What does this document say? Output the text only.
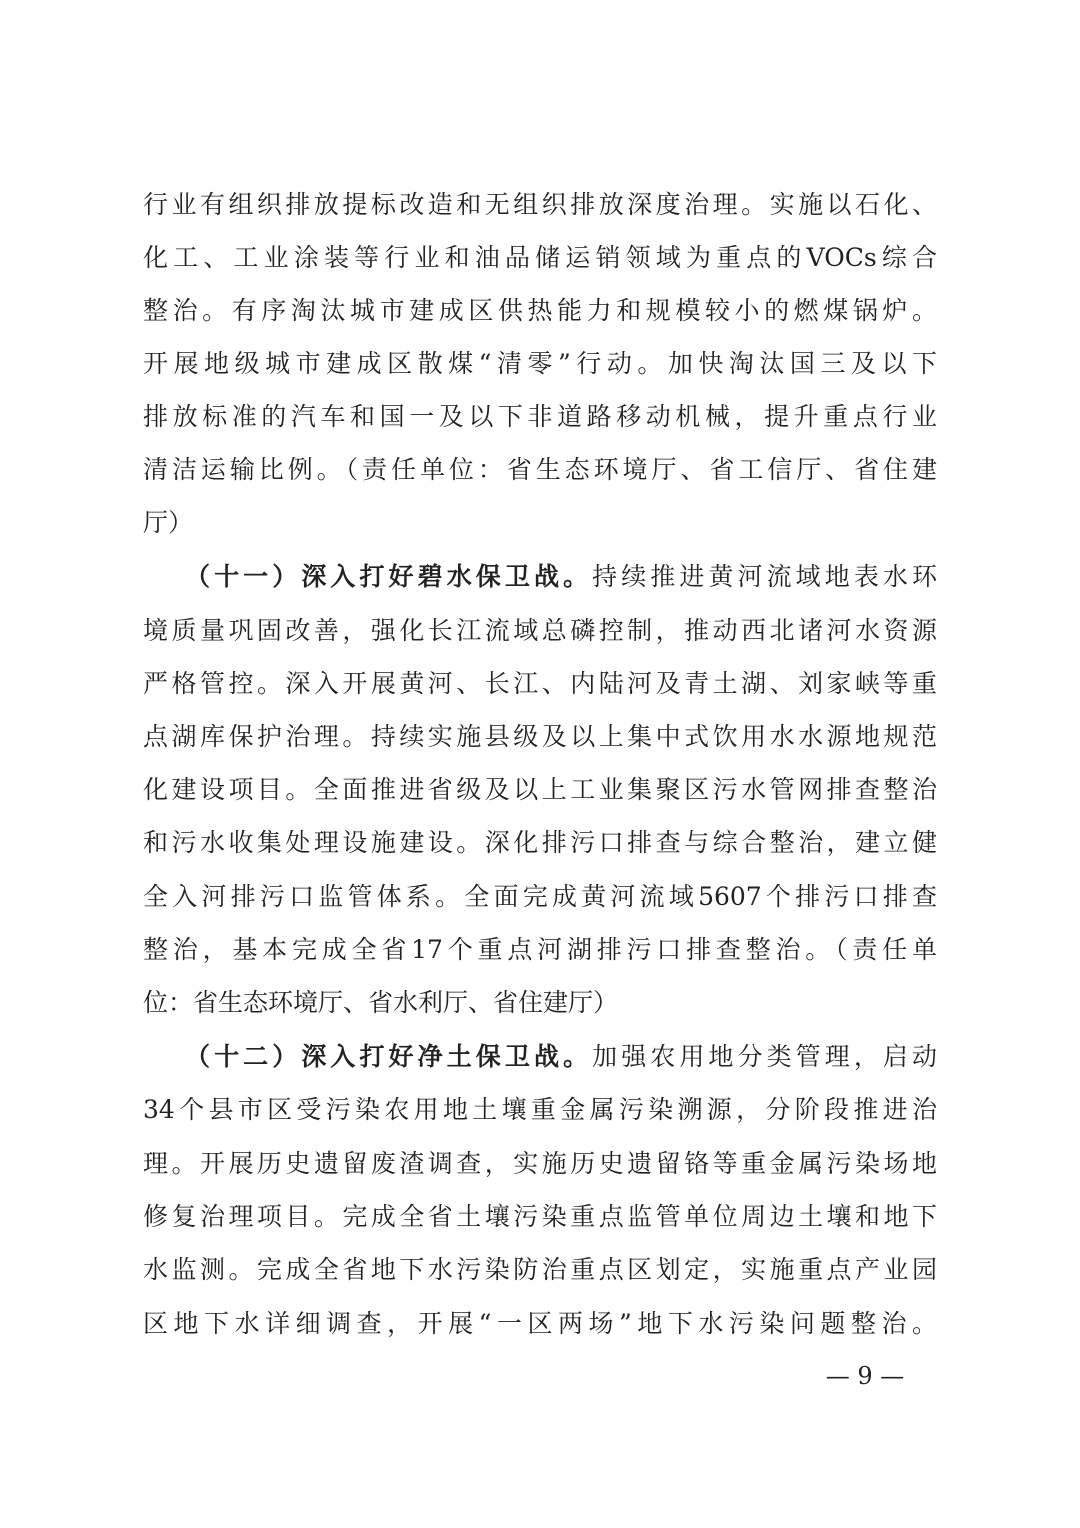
行业有组织排放提标改造和无组织排放深度治理。实施以石化、
化工、工业涂装等行业和油品储运销领域为重点的VOCs综合
整治。有序淘汰城市建成区供热能力和规模较小的燃煤锅炉。
开展地级城市建成区散煤“清零”行动。加快淘汰国三及以下
排放标准的汽车和国一及以下非道路移动机械，提升重点行业
清洁运输比例。（责任单位：省生态环境厅、省工信厅、省住建
厅）
（十一）深入打好碧水保卫战。持续推进黄河流域地表水环
境质量巩固改善，强化长江流域总磷控制，推动西北诸河水资源
严格管控。深入开展黄河、长江、内陆河及青土湖、刘家峡等重
点湖库保护治理。持续实施县级及以上集中式饮用水水源地规范
化建设项目。全面推进省级及以上工业集聚区污水管网排查整治
和污水收集处理设施建设。深化排污口排查与综合整治，建立健
全入河排污口监管体系。全面完成黄河流域5607个排污口排查
整治，基本完成全省17个重点河湖排污口排查整治。（责任单
位：省生态环境厅、省水利厅、省住建厅）
（十二）深入打好净土保卫战。加强农用地分类管理，启动
34个县市区受污染农用地土壤重金属污染溯源，分阶段推进治
理。开展历史遗留废渣调查，实施历史遗留铬等重金属污染场地
修复治理项目。完成全省土壤污染重点监管单位周边土壤和地下
水监测。完成全省地下水污染防治重点区划定，实施重点产业园
区地下水详细调查，开展“一区两场”地下水污染问题整治。
— 9 —
